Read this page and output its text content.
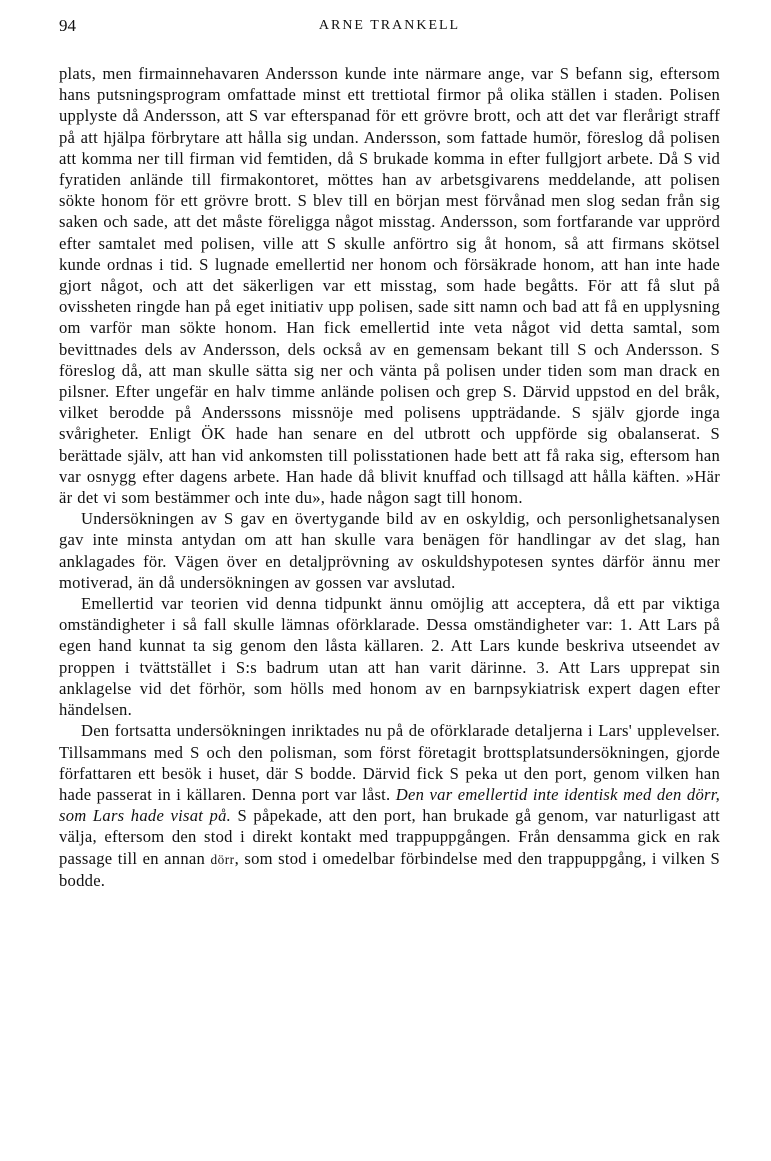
94	ARNE TRANKELL

plats, men firmainnehavaren Andersson kunde inte närmare ange, var S befann sig, eftersom hans putsningsprogram omfattade minst ett trettiotal firmor på olika ställen i staden. Polisen upplyste då Andersson, att S var efterspanad för ett grövre brott, och att det var flerårigt straff på att hjälpa förbrytare att hålla sig undan. Andersson, som fattade humör, föreslog då polisen att komma ner till firman vid femtiden, då S brukade komma in efter fullgjort arbete. Då S vid fyratiden anlände till firmakontoret, möttes han av arbetsgivarens meddelande, att polisen sökte honom för ett grövre brott. S blev till en början mest förvånad men slog sedan från sig saken och sade, att det måste föreligga något misstag. Andersson, som fortfarande var upprörd efter samtalet med polisen, ville att S skulle anförtro sig åt honom, så att firmans skötsel kunde ordnas i tid. S lugnade emellertid ner honom och försäkrade honom, att han inte hade gjort något, och att det säkerligen var ett misstag, som hade begåtts. För att få slut på ovissheten ringde han på eget initiativ upp polisen, sade sitt namn och bad att få en upplysning om varför man sökte honom. Han fick emellertid inte veta något vid detta samtal, som bevittnades dels av Andersson, dels också av en gemensam bekant till S och Andersson. S föreslog då, att man skulle sätta sig ner och vänta på polisen under tiden som man drack en pilsner. Efter ungefär en halv timme anlände polisen och grep S. Därvid uppstod en del bråk, vilket berodde på Anderssons missnöje med polisens uppträdande. S själv gjorde inga svårigheter. Enligt ÖK hade han senare en del utbrott och uppförde sig obalanserat. S berättade själv, att han vid ankomsten till polisstationen hade bett att få raka sig, eftersom han var osnygg efter dagens arbete. Han hade då blivit knuffad och tillsagd att hålla käften. »Här är det vi som bestämmer och inte du», hade någon sagt till honom.

Undersökningen av S gav en övertygande bild av en oskyldig, och personlighetsanalysen gav inte minsta antydan om att han skulle vara benägen för handlingar av det slag, han anklagades för. Vägen över en detaljprövning av oskuldshypotesen syntes därför ännu mer motiverad, än då undersökningen av gossen var avslutad.

Emellertid var teorien vid denna tidpunkt ännu omöjlig att acceptera, då ett par viktiga omständigheter i så fall skulle lämnas oförklarade. Dessa omständigheter var: 1. Att Lars på egen hand kunnat ta sig genom den låsta källaren. 2. Att Lars kunde beskriva utseendet av proppen i tvättstället i S:s badrum utan att han varit därinne. 3. Att Lars upprepat sin anklagelse vid det förhör, som hölls med honom av en barnpsykiatrisk expert dagen efter händelsen.

Den fortsatta undersökningen inriktades nu på de oförklarade detaljerna i Lars' upplevelser. Tillsammans med S och den polisman, som först företagit brottsplatsundersökningen, gjorde författaren ett besök i huset, där S bodde. Därvid fick S peka ut den port, genom vilken han hade passerat in i källaren. Denna port var låst. Den var emellertid inte identisk med den dörr, som Lars hade visat på. S påpekade, att den port, han brukade gå genom, var naturligast att välja, eftersom den stod i direkt kontakt med trappuppgången. Från densamma gick en rak passage till en annan dörr, som stod i omedelbar förbindelse med den trappuppgång, i vilken S bodde.
